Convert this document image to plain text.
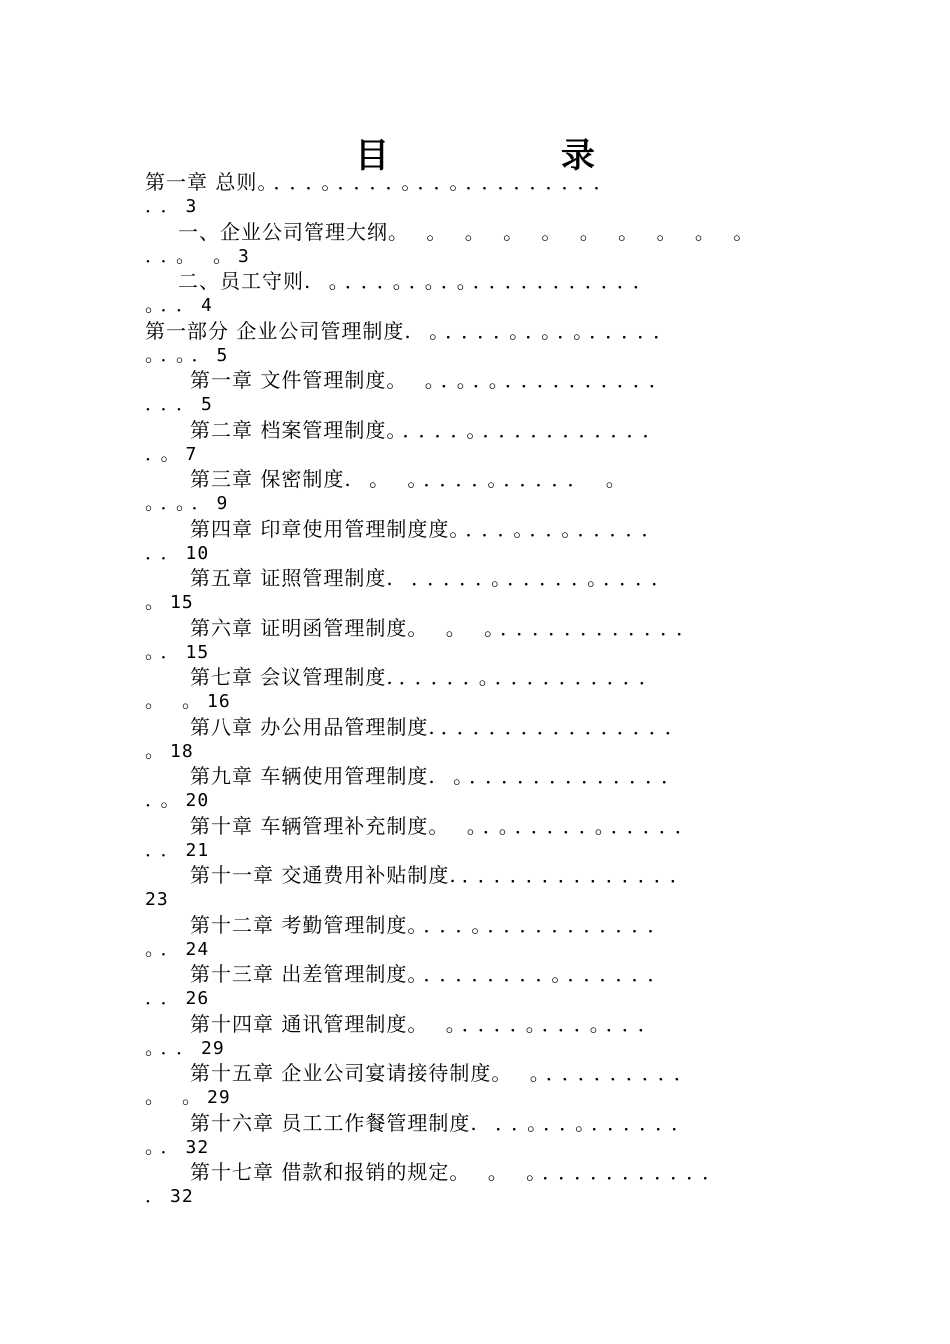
目 录
第一章 总则。．．．。．．．．。．．。．．．．．．．．．
．．3
一、企业公司管理大纲。 。 。 。 。 。 。 。 。 。
．．。 。3
二、员工守则. 。．．．。．。．。．．．．．．．．．．．
。．．4
第一部分 企业公司管理制度. 。．．．．。．。．。．．．．．
。．。．5
第一章 文件管理制度。 。．。．。．．．．．．．．．．
．．．5
第二章 档案管理制度。．．．．。．．．．．．．．．．．
．。7
第三章 保密制度. 。 。．．．．。．．．．． 。
。．。．9
第四章 印章使用管理制度度。．．．。．．。．．．．．
．．10
第五章 证照管理制度. ．．．．．。．．．．．。．．．．
。15
第六章 证明函管理制度。 。 。．．．．．．．．．．．．
。．15
第七章 会议管理制度.．．．．．。．．．．．．．．．．
。 。16
第八章 办公用品管理制度.．．．．．．．．．．．．．．．
。18
第九章 车辆使用管理制度. 。．．．．．．．．．．．．．
．。20
第十章 车辆管理补充制度。 。．。．．．．．。．．．．．
．．21
第十一章 交通费用补贴制度.．．．．．．．．．．．．．．
23
第十二章 考勤管理制度。．．．。．．．．．．．．．．．
。．24
第十三章 出差管理制度。．．．．．．．．。．．．．．．
．．26
第十四章 通讯管理制度。 。．．．．。．．．。．．．
。．．29
第十五章 企业公司宴请接待制度。 。．．．．．．．．．
。 。29
第十六章 员工工作餐管理制度. ．．。．．。．．．．．．
。．32
第十七章 借款和报销的规定。 。 。．．．．．．．．．．．
．32
